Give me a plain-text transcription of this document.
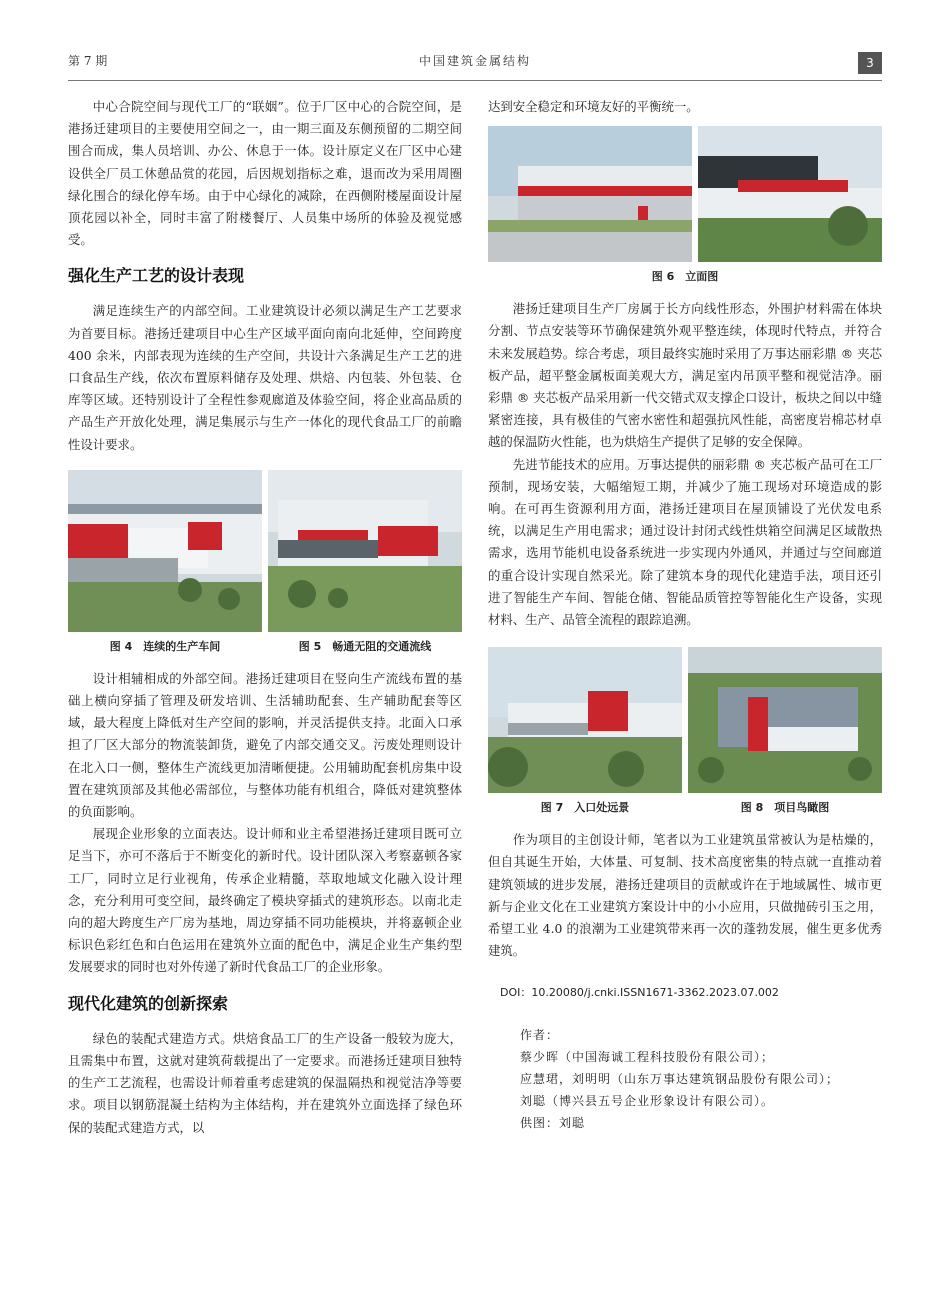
第 7 期	中国建筑金属结构	3

中心合院空间与现代工厂的“联姻”。位于厂区中心的合院空间，是港扬迁建项目的主要使用空间之一，由一期三面及东侧预留的二期空间围合而成，集人员培训、办公、休息于一体。设计原定义在厂区中心建设供全厂员工休憩品赏的花园，后因规划指标之难，退而改为采用周圈绿化围合的绿化停车场。由于中心绿化的减除，在西侧附楼屋面设计屋顶花园以补全，同时丰富了附楼餐厅、人员集中场所的体验及视觉感受。

强化生产工艺的设计表现

满足连续生产的内部空间。工业建筑设计必须以满足生产工艺要求为首要目标。港扬迁建项目中心生产区域平面向南向北延伸，空间跨度 400 余米，内部表现为连续的生产空间，共设计六条满足生产工艺的进口食品生产线，依次布置原料储存及处理、烘焙、内包装、外包装、仓库等区域。还特别设计了全程性参观廊道及体验空间，将企业高品质的产品生产开放化处理，满足集展示与生产一体化的现代食品工厂的前瞻性设计要求。

图 4　连续的生产车间	图 5　畅通无阻的交通流线

设计相辅相成的外部空间。港扬迁建项目在竖向生产流线布置的基础上横向穿插了管理及研发培训、生活辅助配套、生产辅助配套等区域，最大程度上降低对生产空间的影响，并灵活提供支持。北面入口承担了厂区大部分的物流装卸货，避免了内部交通交叉。污废处理则设计在北入口一侧，整体生产流线更加清晰便捷。公用辅助配套机房集中设置在建筑顶部及其他必需部位，与整体功能有机组合，降低对建筑整体的负面影响。

展现企业形象的立面表达。设计师和业主希望港扬迁建项目既可立足当下，亦可不落后于不断变化的新时代。设计团队深入考察嘉顿各家工厂，同时立足行业视角，传承企业精髓，萃取地域文化融入设计理念，充分利用可变空间，最终确定了模块穿插式的建筑形态。以南北走向的超大跨度生产厂房为基地，周边穿插不同功能模块，并将嘉顿企业标识色彩红色和白色运用在建筑外立面的配色中，满足企业生产集约型发展要求的同时也对外传递了新时代食品工厂的企业形象。

现代化建筑的创新探索

绿色的装配式建造方式。烘焙食品工厂的生产设备一般较为庞大，且需集中布置，这就对建筑荷载提出了一定要求。而港扬迁建项目独特的生产工艺流程，也需设计师着重考虑建筑的保温隔热和视觉洁净等要求。项目以钢筋混凝土结构为主体结构，并在建筑外立面选择了绿色环保的装配式建造方式，以

达到安全稳定和环境友好的平衡统一。

图 6　立面图

港扬迁建项目生产厂房属于长方向线性形态，外围护材料需在体块分割、节点安装等环节确保建筑外观平整连续，体现时代特点，并符合未来发展趋势。综合考虑，项目最终实施时采用了万事达丽彩鼎 ® 夹芯板产品，超平整金属板面美观大方，满足室内吊顶平整和视觉洁净。丽彩鼎 ® 夹芯板产品采用新一代交错式双支撑企口设计，板块之间以中缝紧密连接，具有极佳的气密水密性和超强抗风性能，高密度岩棉芯材卓越的保温防火性能，也为烘焙生产提供了足够的安全保障。

先进节能技术的应用。万事达提供的丽彩鼎 ® 夹芯板产品可在工厂预制，现场安装，大幅缩短工期，并减少了施工现场对环境造成的影响。在可再生资源利用方面，港扬迁建项目在屋顶铺设了光伏发电系统，以满足生产用电需求；通过设计封闭式线性烘箱空间满足区域散热需求，选用节能机电设备系统进一步实现内外通风，并通过与空间廊道的重合设计实现自然采光。除了建筑本身的现代化建造手法，项目还引进了智能生产车间、智能仓储、智能品质管控等智能化生产设备，实现材料、生产、品管全流程的跟踪追溯。

图 7　入口处远景	图 8　项目鸟瞰图

作为项目的主创设计师，笔者以为工业建筑虽常被认为是枯燥的，但自其诞生开始，大体量、可复制、技术高度密集的特点就一直推动着建筑领域的进步发展，港扬迁建项目的贡献或许在于地域属性、城市更新与企业文化在工业建筑方案设计中的小小应用，只做抛砖引玉之用，希望工业 4.0 的浪潮为工业建筑带来再一次的蓬勃发展，催生更多优秀建筑。

DOI：10.20080/j.cnki.ISSN1671-3362.2023.07.002
作者：
蔡少晖（中国海诚工程科技股份有限公司）；
应慧珺，刘明明（山东万事达建筑钢品股份有限公司）；
刘聪（博兴县五号企业形象设计有限公司）。
供图：刘聪
